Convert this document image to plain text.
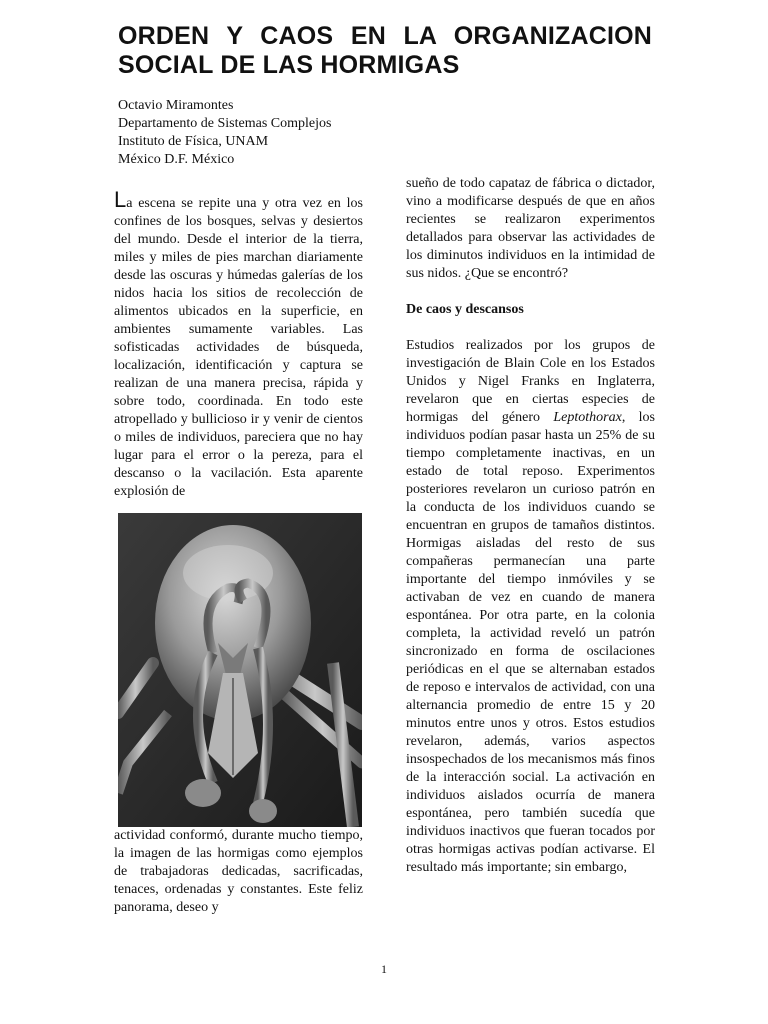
ORDEN Y CAOS EN LA ORGANIZACION SOCIAL DE LAS HORMIGAS
Octavio Miramontes
Departamento de Sistemas Complejos
Instituto de Física, UNAM
México D.F. México

La escena se repite una y otra vez en los confines de los bosques, selvas y desiertos del mundo. Desde el interior de la tierra, miles y miles de pies marchan diariamente desde las oscuras y húmedas galerías de los nidos hacia los sitios de recolección de alimentos ubicados en la superficie, en ambientes sumamente variables. Las sofisticadas actividades de búsqueda, localización, identificación y captura se realizan de una manera precisa, rápida y sobre todo, coordinada. En todo este atropellado y bullicioso ir y venir de cientos o miles de individuos, pareciera que no hay lugar para el error o la pereza, para el descanso o la vacilación. Esta aparente explosión de

actividad conformó, durante mucho tiempo, la imagen de las hormigas como ejemplos de trabajadoras dedicadas, sacrificadas, tenaces, ordenadas y constantes. Este feliz panorama, deseo y

sueño de todo capataz de fábrica o dictador, vino a modificarse después de que en años recientes se realizaron experimentos detallados para observar las actividades de los diminutos individuos en la intimidad de sus nidos. ¿Que se encontró?

De caos y descansos

Estudios realizados por los grupos de investigación de Blain Cole en los Estados Unidos y Nigel Franks en Inglaterra, revelaron que en ciertas especies de hormigas del género Leptothorax, los individuos podían pasar hasta un 25% de su tiempo completamente inactivas, en un estado de total reposo. Experimentos posteriores revelaron un curioso patrón en la conducta de los individuos cuando se encuentran en grupos de tamaños distintos. Hormigas aisladas del resto de sus compañeras permanecían una parte importante del tiempo inmóviles y se activaban de vez en cuando de manera espontánea. Por otra parte, en la colonia completa, la actividad reveló un patrón sincronizado en forma de oscilaciones periódicas en el que se alternaban estados de reposo e intervalos de actividad, con una alternancia promedio de entre 15 y 20 minutos entre unos y otros. Estos estudios revelaron, además, varios aspectos insospechados de los mecanismos más finos de la interacción social. La activación en individuos aislados ocurría de manera espontánea, pero también sucedía que individuos inactivos que fueran tocados por otras hormigas activas podían activarse. El resultado más importante; sin embargo,

1
